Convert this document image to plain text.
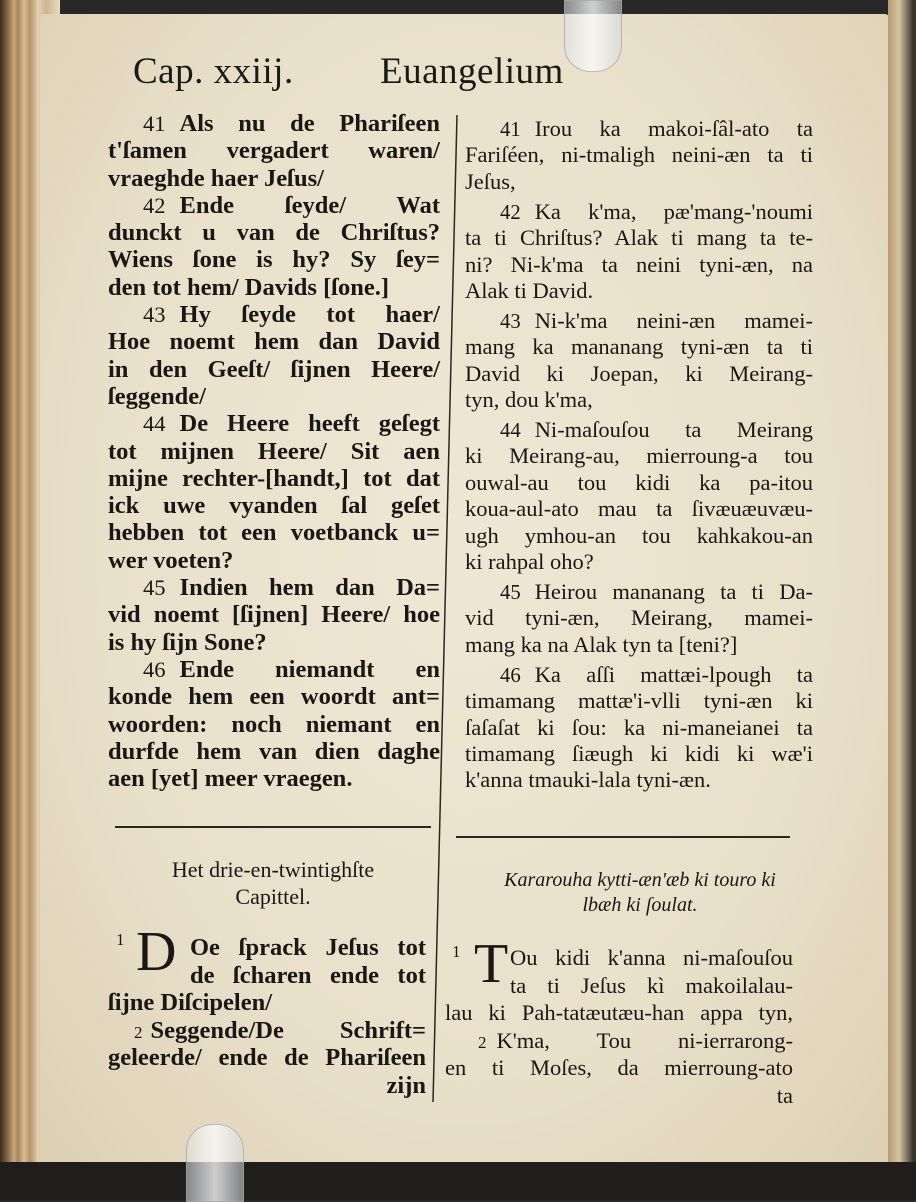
Cap. xxiij. Euangelium
41 Als nu de Phariſeen
t'ſamen vergadert waren/
vraeghde haer Jeſus/
42 Ende ſeyde/ Wat
dunckt u van de Chriſtus?
Wiens ſone is hy? Sy ſey=
den tot hem/ Davids [ſone.]
43 Hy ſeyde tot haer/
Hoe noemt hem dan David
in den Geeſt/ ſijnen Heere/
ſeggende/
44 De Heere heeft geſegt
tot mijnen Heere/ Sit aen
mijne rechter-[handt,] tot dat
ick uwe vyanden ſal geſet
hebben tot een voetbanck u=
wer voeten?
45 Indien hem dan Da=
vid noemt [ſijnen] Heere/ hoe
is hy ſijn Sone?
46 Ende niemandt en
konde hem een woordt ant=
woorden: noch niemant en
durfde hem van dien daghe
aen [yet] meer vraegen.
41 Irou ka makoi-ſâl-ato ta
Fariſéen, ni-tmaligh neini-æn ta ti
Jeſus,
42 Ka k'ma, pæ'mang-'noumi
ta ti Chriſtus? Alak ti mang ta te-
ni? Ni-k'ma ta neini tyni-æn, na
Alak ti David.
43 Ni-k'ma neini-æn mamei-
mang ka mananang tyni-æn ta ti
David ki Joepan, ki Meirang-
tyn, dou k'ma,
44 Ni-maſouſou ta Meirang
ki Meirang-au, mierroung-a tou
ouwal-au tou kidi ka pa-itou
koua-aul-ato mau ta ſivæuæuvæu-
ugh ymhou-an tou kahkakou-an
ki rahpal oho?
45 Heirou mananang ta ti Da-
vid tyni-æn, Meirang, mamei-
mang ka na Alak tyn ta [teni?]
46 Ka aſſi mattæi-lpough ta
timamang mattæ'i-vlli tyni-æn ki
ſaſaſat ki ſou: ka ni-maneianei ta
timamang ſiæugh ki kidi ki wæ'i
k'anna tmauki-lala tyni-æn.
Het drie-en-twintighſte
Capittel.
Kararouha kytti-æn'æb ki touro ki
lbæh ki ſoulat.
1 D Oe ſprack Jeſus tot
de ſcharen ende tot
ſijne Diſcipelen/
2 Seggende/De Schrift=
geleerde/ ende de Phariſeen
zijn
1 T Ou kidi k'anna ni-maſouſou
ta ti Jeſus kì makoilalau-
lau ki Pah-tatæutæu-han appa tyn,
2 K'ma, Tou ni-ierrarong-
en ti Moſes, da mierroung-ato
ta
